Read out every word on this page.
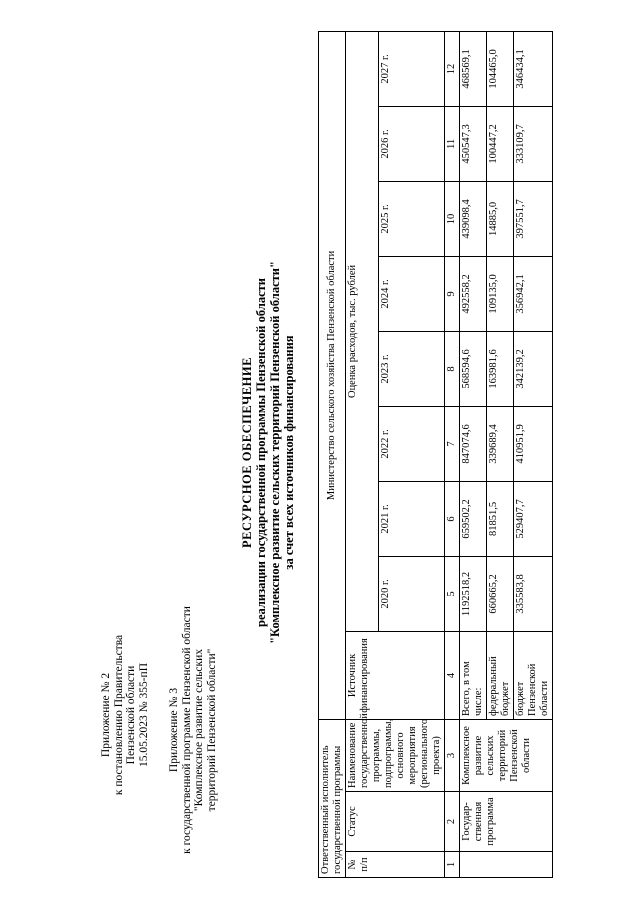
Приложение № 2 к постановлению Правительства Пензенской области 15.05.2023 № 355-пП Приложение № 3 к государственной программе Пензенской области "Комплексное развитие сельских территорий Пензенской области"
РЕСУРСНОЕ ОБЕСПЕЧЕНИЕ реализации государственной программы Пензенской области "Комплексное развитие сельских территорий Пензенской области" за счет всех источников финансирования
Ответственный исполнитель государственной программы			Министерство сельского хозяйства Пензенской области								
№ п/п	Статус	Наименование государственной программы, подпрограммы, основного мероприятия (регионального проекта)	Источник финансирования	Оценка расходов, тыс. рублей							
				2020 г.	2021 г.	2022 г.	2023 г.	2024 г.	2025 г.	2026 г.	2027 г.
1	2	3	4	5	6	7	8	9	10	11	12
	Государ-ственная программа	Комплексное развитие сельских территорий Пензенской области	Всего, в том числе:	1192518,2	659502,2	847074,6	568594,6	492558,2	439098,4	450547,3	468569,1
			федеральный бюджет	660665,2	81851,5	339689,4	163981,6	109135,0	14885,0	100447,2	104465,0
			бюджет Пензенской области	335583,8	529407,7	410951,9	342139,2	356942,1	397551,7	333109,7	346434,1
